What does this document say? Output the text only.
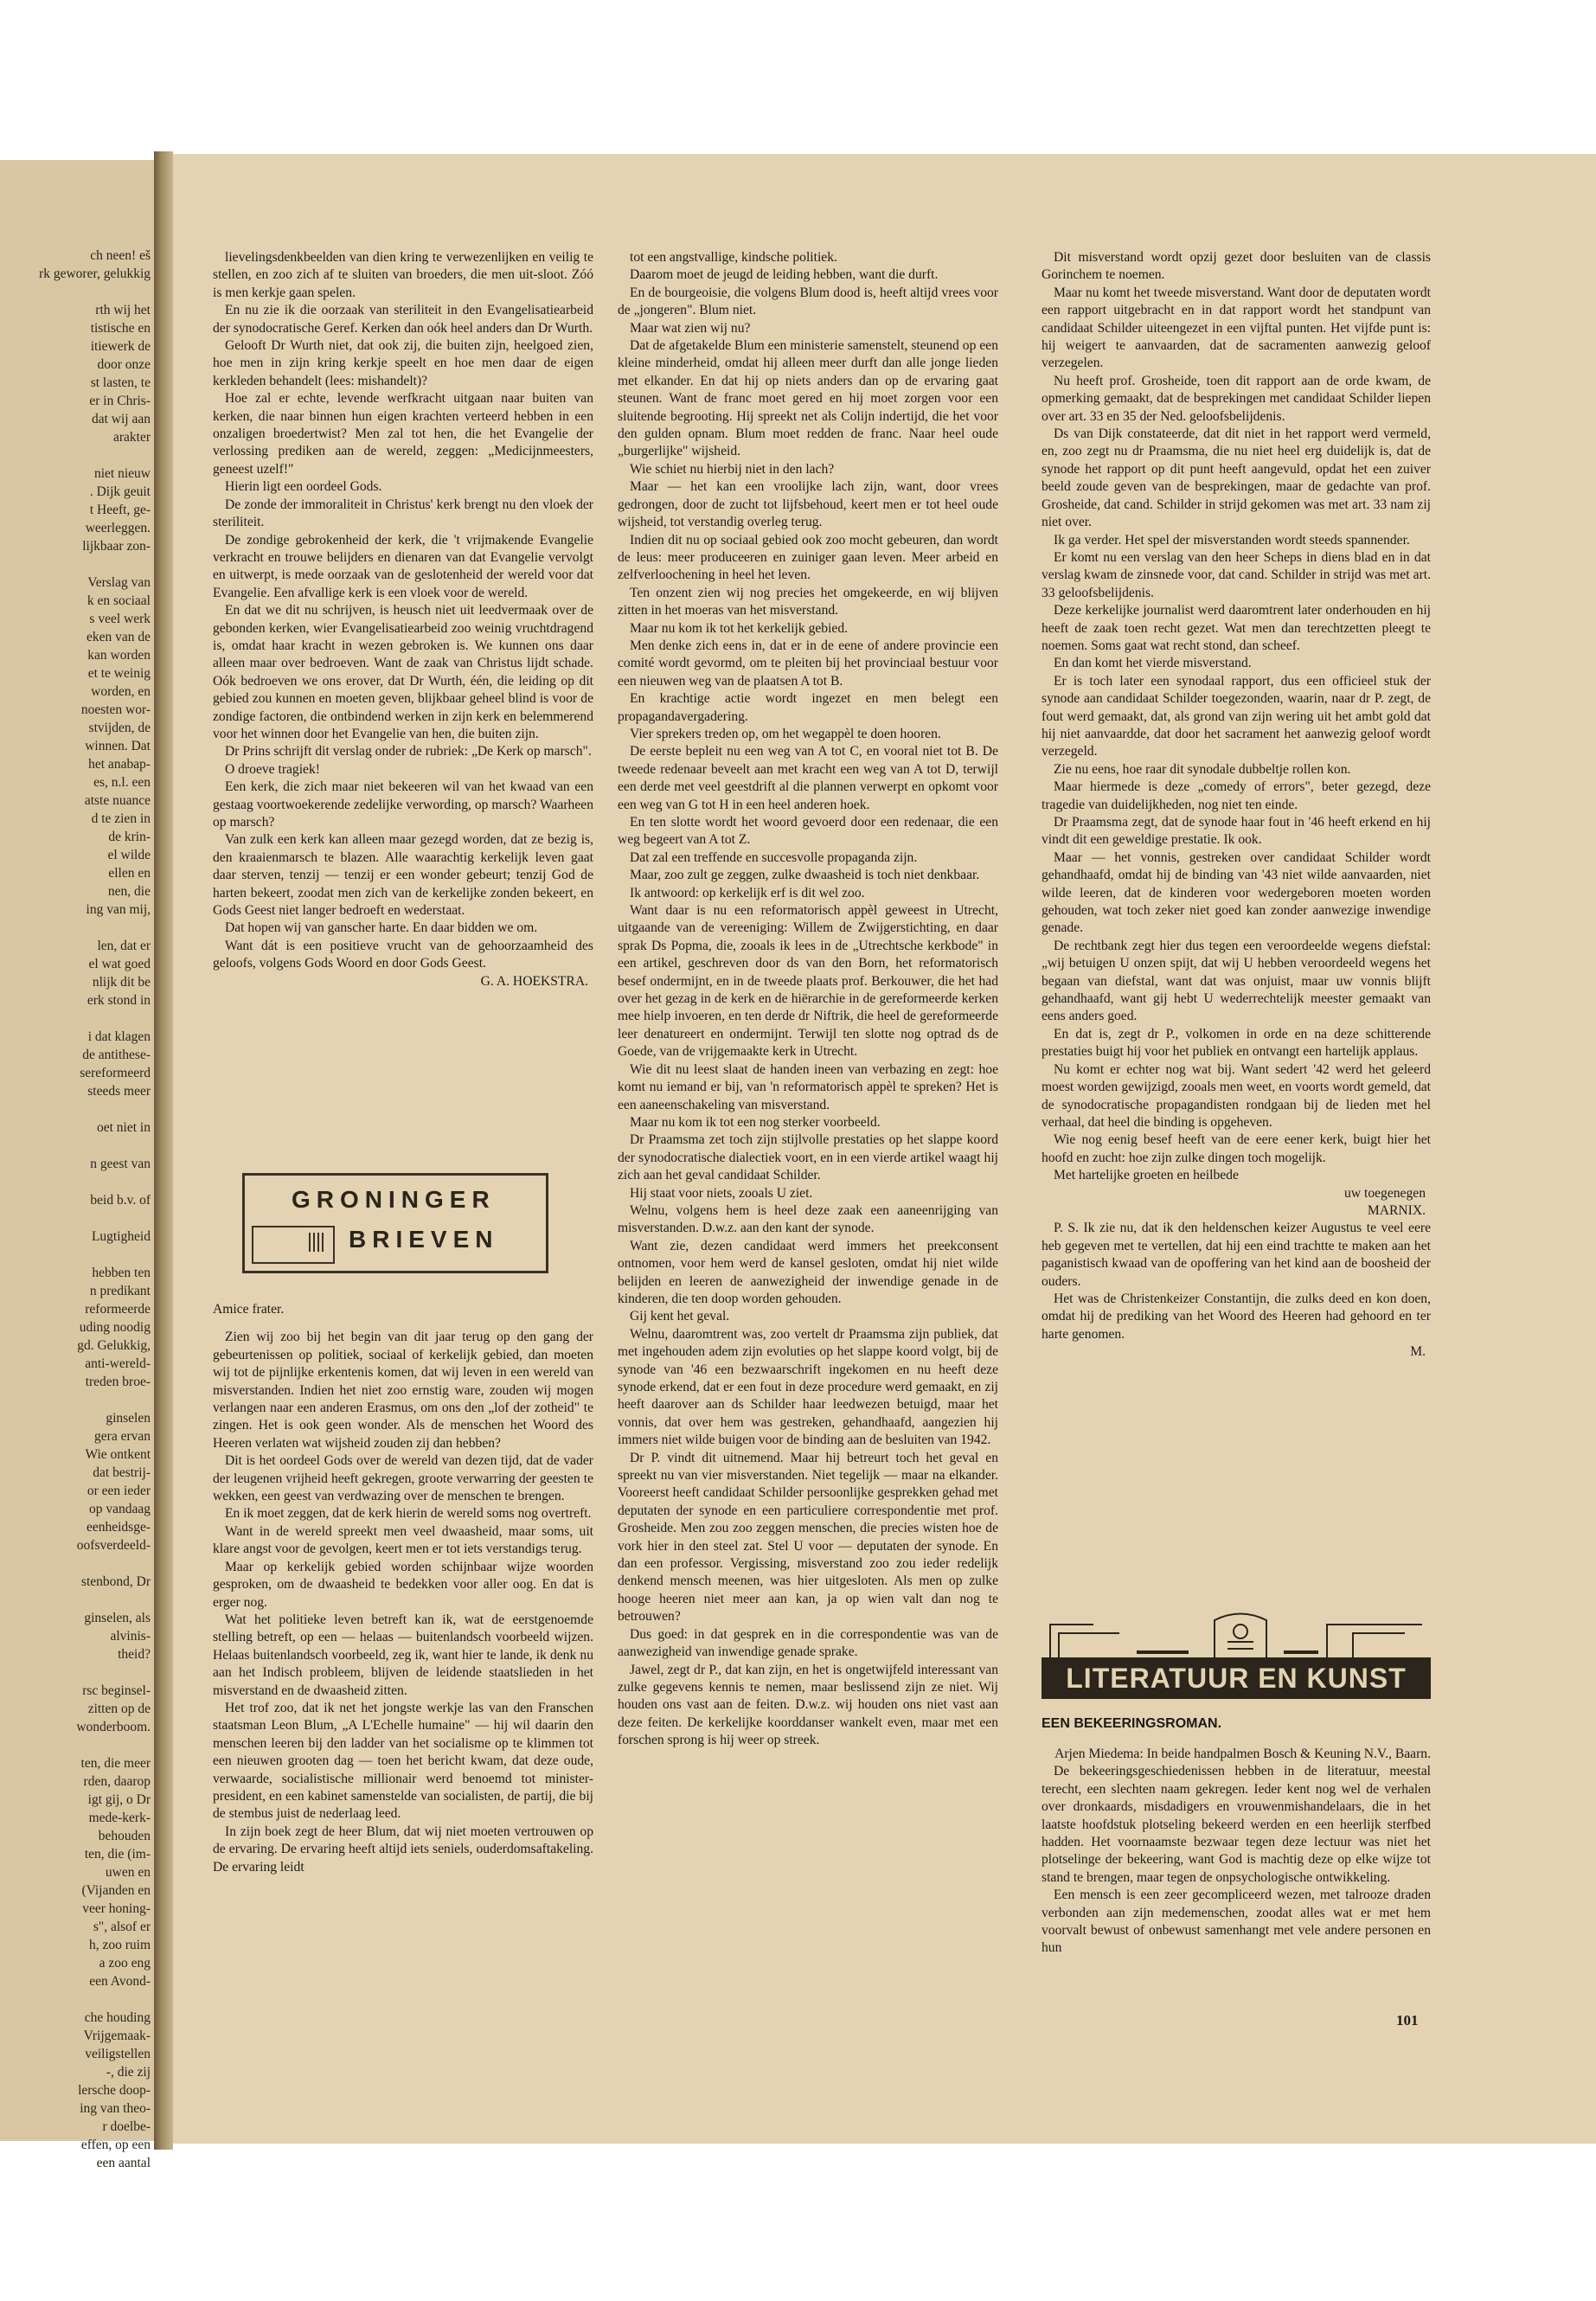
ch neen! eš
rk geworer, gelukkig

rth wij het
tistische en
itiewerk de
door onze
st lasten, te
er in Chris-
dat wij aan
arakter

niet nieuw
. Dijk geuit
t Heeft, ge-
weerleggen.
lijkbaar zon-

Verslag van
k en sociaal
s veel werk
eken van de
kan worden
et te weinig
worden, en
noesten wor-
stvijden, de
winnen. Dat
het anabap-
es, n.l. een
atste nuance
d te zien in
de krin-
el wilde
ellen en
nen, die
ing van mij,

len, dat er
el wat goed
nlijk dit be
erk stond in

i dat klagen
de antithese-
sereformeerd
steeds meer

oet niet in

n geest van

beid b.v. of

Lugtigheid

hebben ten
n predikant
reformeerde
uding noodig
gd. Gelukkig,
anti-wereld-
treden broe-

ginselen
gera ervan
Wie ontkent
dat bestrij-
or een ieder
op vandaag
eenheidsge-
oofsverdeeld-

stenbond, Dr

ginselen, als
alvinis-
theid?

rsc beginsel-
zitten op de
wonderboom.

ten, die meer
rden, daarop
igt gij, o Dr
mede-kerk-
behouden
ten, die (im-
uwen en
(Vijanden en
veer honing-
s", alsof er
h, zoo ruim
a zoo eng
een Avond-

che houding
Vrijgemaak-
veiligstellen
-, die zij
lersche doop-
ing van theo-
r doelbe-
effen, op een
een aantal

lievelingsdenkbeelden van dien kring te verwezenlijken en veilig te stellen, en zoo zich af te sluiten van broeders, die men uit-sloot. Zóó is men kerkje gaan spelen.

En nu zie ik die oorzaak van steriliteit in den Evangelisatiearbeid der synodocratische Geref. Kerken dan oók heel anders dan Dr Wurth.

Gelooft Dr Wurth niet, dat ook zij, die buiten zijn, heelgoed zien, hoe men in zijn kring kerkje speelt en hoe men daar de eigen kerkleden behandelt (lees: mishandelt)?

Hoe zal er echte, levende werfkracht uitgaan naar buiten van kerken, die naar binnen hun eigen krachten verteerd hebben in een onzaligen broedertwist? Men zal tot hen, die het Evangelie der verlossing prediken aan de wereld, zeggen: „Medicijnmeesters, geneest uzelf!"

Hierin ligt een oordeel Gods.

De zonde der immoraliteit in Christus' kerk brengt nu den vloek der steriliteit.

De zondige gebrokenheid der kerk, die 't vrijmakende Evangelie verkracht en trouwe belijders en dienaren van dat Evangelie vervolgt en uitwerpt, is mede oorzaak van de geslotenheid der wereld voor dat Evangelie. Een afvallige kerk is een vloek voor de wereld.

En dat we dit nu schrijven, is heusch niet uit leedvermaak over de gebonden kerken, wier Evangelisatiearbeid zoo weinig vruchtdragend is, omdat haar kracht in wezen gebroken is. We kunnen ons daar alleen maar over bedroeven. Want de zaak van Christus lijdt schade. Oók bedroeven we ons erover, dat Dr Wurth, één, die leiding op dit gebied zou kunnen en moeten geven, blijkbaar geheel blind is voor de zondige factoren, die ontbindend werken in zijn kerk en belemmerend voor het winnen door het Evangelie van hen, die buiten zijn.

Dr Prins schrijft dit verslag onder de rubriek: „De Kerk op marsch".

O droeve tragiek!

Een kerk, die zich maar niet bekeeren wil van het kwaad van een gestaag voortwoekerende zedelijke verwording, op marsch? Waarheen op marsch?

Van zulk een kerk kan alleen maar gezegd worden, dat ze bezig is, den kraaienmarsch te blazen. Alle waarachtig kerkelijk leven gaat daar sterven, tenzij — tenzij er een wonder gebeurt; tenzij God de harten bekeert, zoodat men zich van de kerkelijke zonden bekeert, en Gods Geest niet langer bedroeft en wederstaat.

Dat hopen wij van ganscher harte. En daar bidden we om.

Want dát is een positieve vrucht van de gehoorzaamheid des geloofs, volgens Gods Woord en door Gods Geest.

G. A. HOEKSTRA.

GRONINGER
BRIEVEN

Amice frater.

Zien wij zoo bij het begin van dit jaar terug op den gang der gebeurtenissen op politiek, sociaal of kerkelijk gebied, dan moeten wij tot de pijnlijke erkentenis komen, dat wij leven in een wereld van misverstanden. Indien het niet zoo ernstig ware, zouden wij mogen verlangen naar een anderen Erasmus, om ons den „lof der zotheid" te zingen. Het is ook geen wonder. Als de menschen het Woord des Heeren verlaten wat wijsheid zouden zij dan hebben?

Dit is het oordeel Gods over de wereld van dezen tijd, dat de vader der leugenen vrijheid heeft gekregen, groote verwarring der geesten te wekken, een geest van verdwazing over de menschen te brengen.

En ik moet zeggen, dat de kerk hierin de wereld soms nog overtreft.

Want in de wereld spreekt men veel dwaasheid, maar soms, uit klare angst voor de gevolgen, keert men er tot iets verstandigs terug.

Maar op kerkelijk gebied worden schijnbaar wijze woorden gesproken, om de dwaasheid te bedekken voor aller oog. En dat is erger nog.

Wat het politieke leven betreft kan ik, wat de eerstgenoemde stelling betreft, op een — helaas — buitenlandsch voorbeeld wijzen. Helaas buitenlandsch voorbeeld, zeg ik, want hier te lande, ik denk nu aan het Indisch probleem, blijven de leidende staatslieden in het misverstand en de dwaasheid zitten.

Het trof zoo, dat ik net het jongste werkje las van den Franschen staatsman Leon Blum, „A L'Echelle humaine" — hij wil daarin den menschen leeren bij den ladder van het socialisme op te klimmen tot een nieuwen grooten dag — toen het bericht kwam, dat deze oude, verwaarde, socialistische millionair werd benoemd tot minister-president, en een kabinet samenstelde van socialisten, de partij, die bij de stembus juist de nederlaag leed.

In zijn boek zegt de heer Blum, dat wij niet moeten vertrouwen op de ervaring. De ervaring heeft altijd iets seniels, ouderdomsaftakeling. De ervaring leidt

tot een angstvallige, kindsche politiek.

Daarom moet de jeugd de leiding hebben, want die durft.

En de bourgeoisie, die volgens Blum dood is, heeft altijd vrees voor de „jongeren". Blum niet.

Maar wat zien wij nu?

Dat de afgetakelde Blum een ministerie samenstelt, steunend op een kleine minderheid, omdat hij alleen meer durft dan alle jonge lieden met elkander. En dat hij op niets anders dan op de ervaring gaat steunen. Want de franc moet gered en hij moet zorgen voor een sluitende begrooting. Hij spreekt net als Colijn indertijd, die het voor den gulden opnam. Blum moet redden de franc. Naar heel oude „burgerlijke" wijsheid.

Wie schiet nu hierbij niet in den lach?

Maar — het kan een vroolijke lach zijn, want, door vrees gedrongen, door de zucht tot lijfsbehoud, keert men er tot heel oude wijsheid, tot verstandig overleg terug.

Indien dit nu op sociaal gebied ook zoo mocht gebeuren, dan wordt de leus: meer produceeren en zuiniger gaan leven. Meer arbeid en zelfverloochening in heel het leven.

Ten onzent zien wij nog precies het omgekeerde, en wij blijven zitten in het moeras van het misverstand.

Maar nu kom ik tot het kerkelijk gebied.

Men denke zich eens in, dat er in de eene of andere provincie een comité wordt gevormd, om te pleiten bij het provinciaal bestuur voor een nieuwen weg van de plaatsen A tot B.

En krachtige actie wordt ingezet en men belegt een propagandavergadering.

Vier sprekers treden op, om het wegappèl te doen hooren.

De eerste bepleit nu een weg van A tot C, en vooral niet tot B. De tweede redenaar beveelt aan met kracht een weg van A tot D, terwijl een derde met veel geestdrift al die plannen verwerpt en opkomt voor een weg van G tot H in een heel anderen hoek.

En ten slotte wordt het woord gevoerd door een redenaar, die een weg begeert van A tot Z.

Dat zal een treffende en succesvolle propaganda zijn.

Maar, zoo zult ge zeggen, zulke dwaasheid is toch niet denkbaar.

Ik antwoord: op kerkelijk erf is dit wel zoo.

Want daar is nu een reformatorisch appèl geweest in Utrecht, uitgaande van de vereeniging: Willem de Zwijgerstichting, en daar sprak Ds Popma, die, zooals ik lees in de „Utrechtsche kerkbode" in een artikel, geschreven door ds van den Born, het reformatorisch besef ondermijnt, en in de tweede plaats prof. Berkouwer, die het had over het gezag in de kerk en de hiërarchie in de gereformeerde kerken mee hielp invoeren, en ten derde dr Niftrik, die heel de gereformeerde leer denatureert en ondermijnt. Terwijl ten slotte nog optrad ds de Goede, van de vrijgemaakte kerk in Utrecht.

Wie dit nu leest slaat de handen ineen van verbazing en zegt: hoe komt nu iemand er bij, van 'n reformatorisch appèl te spreken? Het is een aaneenschakeling van misverstand.

Maar nu kom ik tot een nog sterker voorbeeld.

Dr Praamsma zet toch zijn stijlvolle prestaties op het slappe koord der synodocratische dialectiek voort, en in een vierde artikel waagt hij zich aan het geval candidaat Schilder.

Hij staat voor niets, zooals U ziet.

Welnu, volgens hem is heel deze zaak een aaneenrijging van misverstanden. D.w.z. aan den kant der synode.

Want zie, dezen candidaat werd immers het preekconsent ontnomen, voor hem werd de kansel gesloten, omdat hij niet wilde belijden en leeren de aanwezigheid der inwendige genade in de kinderen, die ten doop worden gehouden.

Gij kent het geval.

Welnu, daaromtrent was, zoo vertelt dr Praamsma zijn publiek, dat met ingehouden adem zijn evoluties op het slappe koord volgt, bij de synode van '46 een bezwaarschrift ingekomen en nu heeft deze synode erkend, dat er een fout in deze procedure werd gemaakt, en zij heeft daarover aan ds Schilder haar leedwezen betuigd, maar het vonnis, dat over hem was gestreken, gehandhaafd, aangezien hij immers niet wilde buigen voor de binding aan de besluiten van 1942.

Dr P. vindt dit uitnemend. Maar hij betreurt toch het geval en spreekt nu van vier misverstanden. Niet tegelijk — maar na elkander. Vooreerst heeft candidaat Schilder persoonlijke gesprekken gehad met deputaten der synode en een particuliere correspondentie met prof. Grosheide. Men zou zoo zeggen menschen, die precies wisten hoe de vork hier in den steel zat. Stel U voor — deputaten der synode. En dan een professor. Vergissing, misverstand zoo zou ieder redelijk denkend mensch meenen, was hier uitgesloten. Als men op zulke hooge heeren niet meer aan kan, ja op wien valt dan nog te betrouwen?

Dus goed: in dat gesprek en in die correspondentie was van de aanwezigheid van inwendige genade sprake.

Jawel, zegt dr P., dat kan zijn, en het is ongetwijfeld interessant van zulke gegevens kennis te nemen, maar beslissend zijn ze niet. Wij houden ons vast aan de feiten. D.w.z. wij houden ons niet vast aan deze feiten. De kerkelijke koorddanser wankelt even, maar met een forschen sprong is hij weer op streek.

Dit misverstand wordt opzij gezet door besluiten van de classis Gorinchem te noemen.

Maar nu komt het tweede misverstand. Want door de deputaten wordt een rapport uitgebracht en in dat rapport wordt het standpunt van candidaat Schilder uiteengezet in een vijftal punten. Het vijfde punt is: hij weigert te aanvaarden, dat de sacramenten aanwezig geloof verzegelen.

Nu heeft prof. Grosheide, toen dit rapport aan de orde kwam, de opmerking gemaakt, dat de besprekingen met candidaat Schilder liepen over art. 33 en 35 der Ned. geloofsbelijdenis.

Ds van Dijk constateerde, dat dit niet in het rapport werd vermeld, en, zoo zegt nu dr Praamsma, die nu niet heel erg duidelijk is, dat de synode het rapport op dit punt heeft aangevuld, opdat het een zuiver beeld zoude geven van de besprekingen, maar de gedachte van prof. Grosheide, dat cand. Schilder in strijd gekomen was met art. 33 nam zij niet over.

Ik ga verder. Het spel der misverstanden wordt steeds spannender.

Er komt nu een verslag van den heer Scheps in diens blad en in dat verslag kwam de zinsnede voor, dat cand. Schilder in strijd was met art. 33 geloofsbelijdenis.

Deze kerkelijke journalist werd daaromtrent later onderhouden en hij heeft de zaak toen recht gezet. Wat men dan terechtzetten pleegt te noemen. Soms gaat wat recht stond, dan scheef.

En dan komt het vierde misverstand.

Er is toch later een synodaal rapport, dus een officieel stuk der synode aan candidaat Schilder toegezonden, waarin, naar dr P. zegt, de fout werd gemaakt, dat, als grond van zijn wering uit het ambt gold dat hij niet aanvaardde, dat door het sacrament het aanwezig geloof wordt verzegeld.

Zie nu eens, hoe raar dit synodale dubbeltje rollen kon.

Maar hiermede is deze „comedy of errors", beter gezegd, deze tragedie van duidelijkheden, nog niet ten einde.

Dr Praamsma zegt, dat de synode haar fout in '46 heeft erkend en hij vindt dit een geweldige prestatie. Ik ook.

Maar — het vonnis, gestreken over candidaat Schilder wordt gehandhaafd, omdat hij de binding van '43 niet wilde aanvaarden, niet wilde leeren, dat de kinderen voor wedergeboren moeten worden gehouden, wat toch zeker niet goed kan zonder aanwezige inwendige genade.

De rechtbank zegt hier dus tegen een veroordeelde wegens diefstal: „wij betuigen U onzen spijt, dat wij U hebben veroordeeld wegens het begaan van diefstal, want dat was onjuist, maar uw vonnis blijft gehandhaafd, want gij hebt U wederrechtelijk meester gemaakt van eens anders goed.

En dat is, zegt dr P., volkomen in orde en na deze schitterende prestaties buigt hij voor het publiek en ontvangt een hartelijk applaus.

Nu komt er echter nog wat bij. Want sedert '42 werd het geleerd moest worden gewijzigd, zooals men weet, en voorts wordt gemeld, dat de synodocratische propagandisten rondgaan bij de lieden met hel verhaal, dat heel die binding is opgeheven.

Wie nog eenig besef heeft van de eere eener kerk, buigt hier het hoofd en zucht: hoe zijn zulke dingen toch mogelijk.

Met hartelijke groeten en heilbede

uw toegenegen

MARNIX.

P. S. Ik zie nu, dat ik den heldenschen keizer Augustus te veel eere heb gegeven met te vertellen, dat hij een eind trachtte te maken aan het paganistisch kwaad van de opoffering van het kind aan de boosheid der ouders.

Het was de Christenkeizer Constantijn, die zulks deed en kon doen, omdat hij de prediking van het Woord des Heeren had gehoord en ter harte genomen.

M.

LITERATUUR EN KUNST
EEN BEKEERINGSROMAN.

Arjen Miedema: In beide handpalmen Bosch & Keuning N.V., Baarn.

De bekeeringsgeschiedenissen hebben in de literatuur, meestal terecht, een slechten naam gekregen. Ieder kent nog wel de verhalen over dronkaards, misdadigers en vrouwenmishandelaars, die in het laatste hoofdstuk plotseling bekeerd werden en een heerlijk sterfbed hadden. Het voornaamste bezwaar tegen deze lectuur was niet het plotselinge der bekeering, want God is machtig deze op elke wijze tot stand te brengen, maar tegen de onpsychologische ontwikkeling.

Een mensch is een zeer gecompliceerd wezen, met talrooze draden verbonden aan zijn medemenschen, zoodat alles wat er met hem voorvalt bewust of onbewust samenhangt met vele andere personen en hun

101
